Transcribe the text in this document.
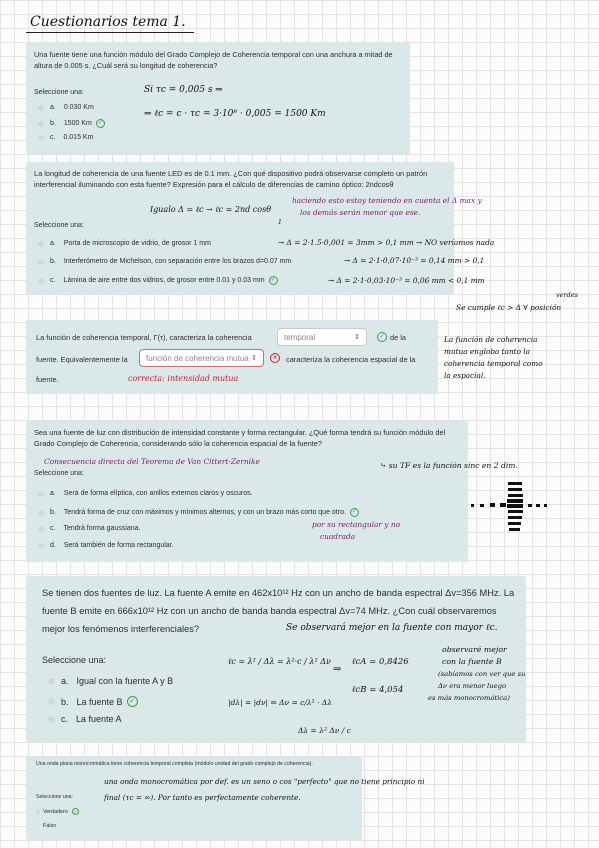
Cuestionarios tema 1.
Una fuente tiene una función módulo del Grado Complejo de Coherencia temporal con una anchura a mitad de altura de 0.005 s. ¿Cuál será su longitud de coherencia?
Seleccione una:
a. 0.030 Km
b. 1500 Km ✓
c. 0.015 Km
Si τc = 0,005 s ⇒
⇒ ℓc = c · τc = 3·10⁸ · 0,005 = 1500 Km
La longitud de coherencia de una fuente LED es de 0.1 mm. ¿Con qué dispositivo podrá observarse completo un patrón interferencial iluminando con esta fuente? Expresión para el cálculo de diferencias de camino óptico: 2ndcosθ
Seleccione una:
a. Porta de microscopio de vidrio, de grosor 1 mm
b. Interferómetro de Michelson, con separación entre los brazos d=0.07 mm
c. Lámina de aire entre dos vidrios, de grosor entre 0.01 y 0.03 mm ✓
Igualo Δ = ℓc → ℓc = 2nd cosθ
1
haciendo esto estoy teniendo en cuenta el Δ max y
los demás serán menor que ese.
→ Δ = 2·1.5·0,001 = 3mm > 0,1 mm → NO veríamos nada
→ Δ = 2·1·0,07·10⁻³ = 0,14 mm > 0,1
→ Δ = 2·1·0,03·10⁻³ = 0,06 mm < 0,1 mm
Se cumple ℓc > Δ ∀ posición
verdes
La función de coherencia temporal, Γ(τ), caracteriza la coherencia	temporal	⇕	✓ de la
fuente. Equivalentemente la función de coherencia mutua ⇕	✕	caracteriza la coherencia espacial de la
fuente.	correcta: intensidad mutua
La función de coherencia
mutua engloba tanto la
coherencia temporal como
la espacial.
Sea una fuente de luz con distribución de intensidad constante y forma rectangular. ¿Qué forma tendrá su función módulo del Grado Complejo de Coherencia, considerando sólo la coherencia espacial de la fuente?
Consecuencia directa del Teorema de Van Cittert-Zernike	⤷ su TF es la función sinc en 2 dim.
Seleccione una:
a. Será de forma elíptica, con anillos externos claros y oscuros.
b. Tendrá forma de cruz con máximos y mínimos alternos, y con un brazo más corto que otro. ✓
c. Tendrá forma gaussiana.
d. Será también de forma rectangular.
por su rectangular y no
cuadrada
Se tienen dos fuentes de luz. La fuente A emite en 462x10¹² Hz con un ancho de banda espectral Δv=356 MHz. La fuente B emite en 666x10¹² Hz con un ancho de banda banda espectral Δv=74 MHz. ¿Con cuál observaremos mejor los fenómenos interferenciales?	Se observará mejor en la fuente con mayor ℓc.
Seleccione una:
a. Igual con la fuente A y B
b. La fuente B ✓
c. La fuente A
ℓc = λ² / Δλ = λ²·c / λ² Δν
⇒
ℓcA = 0,8426
ℓcB = 4,054
|dλ| = |dν| ⇒ Δν = c/λ² · Δλ
Δλ = λ² Δν / c
observaré mejor
con la fuente B
(sabíamos con ver que su
Δν era menor luego
es más monocromática)
Una onda plana monocromática tiene coherencia temporal completa (módulo unidad del grado complejo de coherencia).
Seleccione una:
Verdadero	✓
Falso
una onda monocromática por def. es un seno o cos "perfecto" que no tiene principio ni
final (τc = ∞). Por tanto es perfectamente coherente.
